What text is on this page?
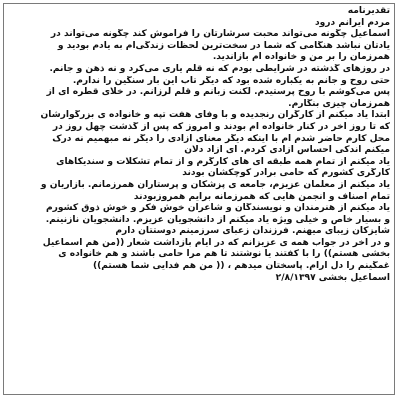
تقدیرنامه
مردم ایرانم درود
اسماعیل چگونه می‌تواند محبت سرشارتان را فراموش کند چگونه می‌تواند در
یادتان نباشد هنگامی که شما در سخت‌ترین لحظات زندگی‌ام به یادم بودید و
همرزمان را بر من و خانواده ام بازاندید.
در روزهای گذشته در شرایطی بودم که نه قلم یاری می‌کرد و نه ذهن و جانم.
حتی روح و جانم به یکباره شده بود که دیگر تاب این بار سنگین را ندارم.
پس می‌کوشم با روح پرستیدم. لکنت زبانم و قلم لرزانم. در خلای قطره ای از
همرزمان چیزی بنگارم.
ابتدا یاد میکنم از کارگران رنجدیده و با وفای هفت تپه و خانواده ی بزرگوارشان
که تا روز آخر در کنار خانواده ام بودند و امروز که پس از گذشت چهل روز در
محل کارم حاضر شدم ام با اینکه دیگر معنای آزادی را دیگر نه مبهمیم نه درک
میکنم اندکی احساس آزادی کردم. ای آزاد دلان
یاد میکنم از تمام همه طبقه ای های کارگرم و از تمام تشکلات و سندیکاهای
کارگری کشورم که حامی برادر کوچکشان بودند
یاد میکنم از معلمان عزیزم، جامعه ی پزشکان و پرستاران همرزمانم. بازاریان و
تمام اصناف و انجمن هایی که همرزمانه برایم همروزبودند
یاد میکنم از هنرمندان و نویسندگان و شاعران خوش فکر و خوش ذوق کشورم
و بسیار خاص و خیلی ویژه یاد میکنم از دانشجویان عزیزم. دانشجویان نازنینم.
شایزکان زیبای میهنم. فرزندان زعبای سرزمینم دوستتان دارم
و در آخر در جواب همه ی عزیزانم که در ایام بازداشت شعار ((من هم اسماعیل
بخشی هستم)) را با کفتند یا نوشتند تا هم مرا حامی باشند و هم خانواده ی
غمگینم را دل آرام. پاسختان میدهم ، (( من هم فدایی شما هستم))
اسماعیل بخشی ۲/۸/۱۳۹۷
